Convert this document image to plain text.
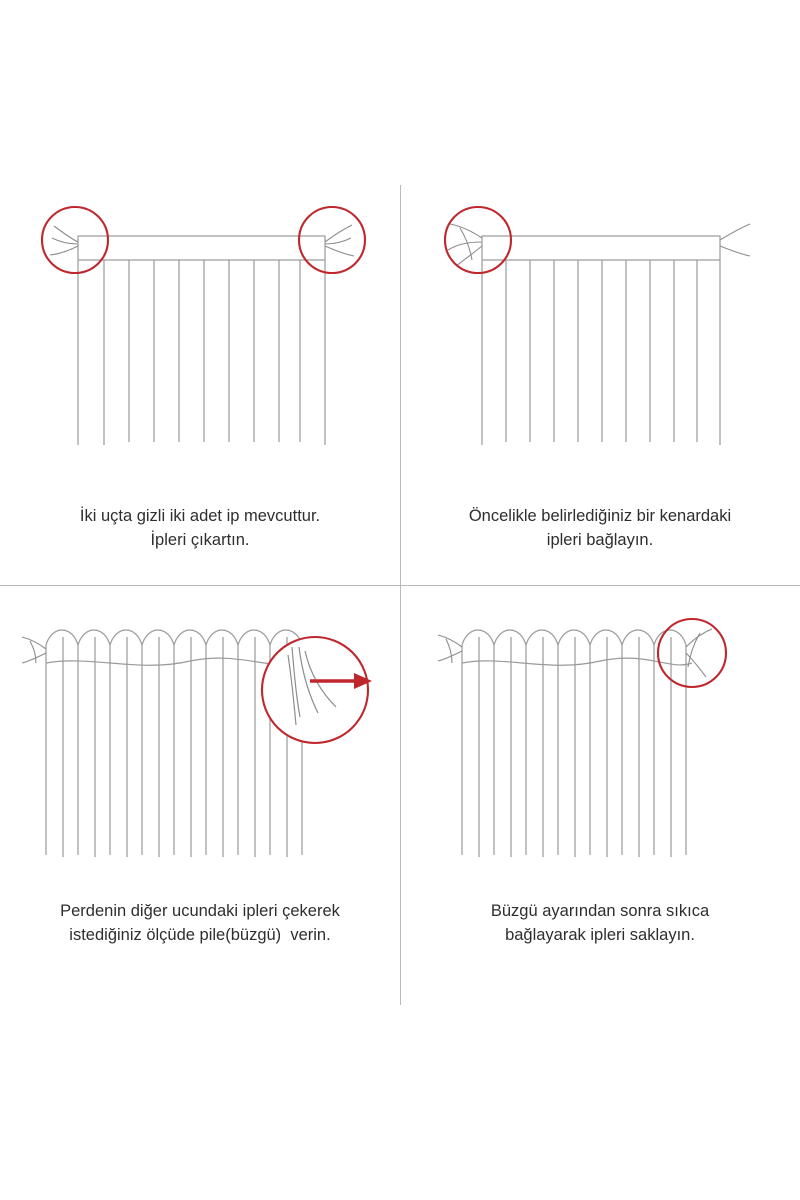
İki uçta gizli iki adet ip mevcuttur.
İpleri çıkartın.
Öncelikle belirlediğiniz bir kenardaki
ipleri bağlayın.
Perdenin diğer ucundaki ipleri çekerek
istediğiniz ölçüde pile(büzgü)  verin.
Büzgü ayarından sonra sıkıca
bağlayarak ipleri saklayın.
